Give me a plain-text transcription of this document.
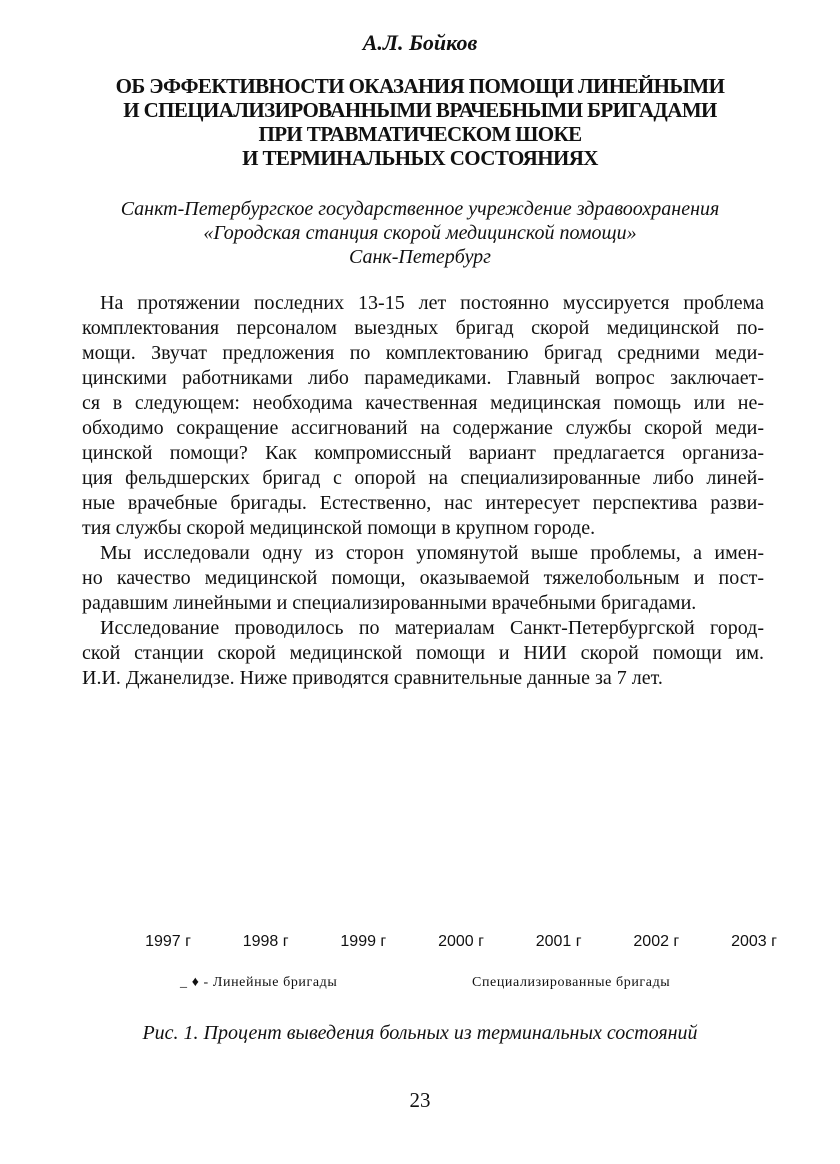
А.Л. Бойков
ОБ ЭФФЕКТИВНОСТИ ОКАЗАНИЯ ПОМОЩИ ЛИНЕЙНЫМИ
И СПЕЦИАЛИЗИРОВАННЫМИ ВРАЧЕБНЫМИ БРИГАДАМИ
ПРИ ТРАВМАТИЧЕСКОМ ШОКЕ
И ТЕРМИНАЛЬНЫХ СОСТОЯНИЯХ
Санкт-Петербургское государственное учреждение здравоохранения
«Городская станция скорой медицинской помощи»
Санк-Петербург
На протяжении последних 13-15 лет постоянно муссируется проблема
комплектования персоналом выездных бригад скорой медицинской по-
мощи. Звучат предложения по комплектованию бригад средними меди-
цинскими работниками либо парамедиками. Главный вопрос заключает-
ся в следующем: необходима качественная медицинская помощь или не-
обходимо сокращение ассигнований на содержание службы скорой меди-
цинской помощи? Как компромиссный вариант предлагается организа-
ция фельдшерских бригад с опорой на специализированные либо линей-
ные врачебные бригады. Естественно, нас интересует перспектива разви-
тия службы скорой медицинской помощи в крупном городе.
Мы исследовали одну из сторон упомянутой выше проблемы, а имен-
но качество медицинской помощи, оказываемой тяжелобольным и пост-
радавшим линейными и специализированными врачебными бригадами.
Исследование проводилось по материалам Санкт-Петербургской город-
ской станции скорой медицинской помощи и НИИ скорой помощи им.
И.И. Джанелидзе. Ниже приводятся сравнительные данные за 7 лет.
1997 г	1998 г	1999 г	2000 г	2001 г	2002 г	2003 г
_ ♦ - Линейные бригады	Специализированные бригады
Рис. 1. Процент выведения больных из терминальных состояний
23
